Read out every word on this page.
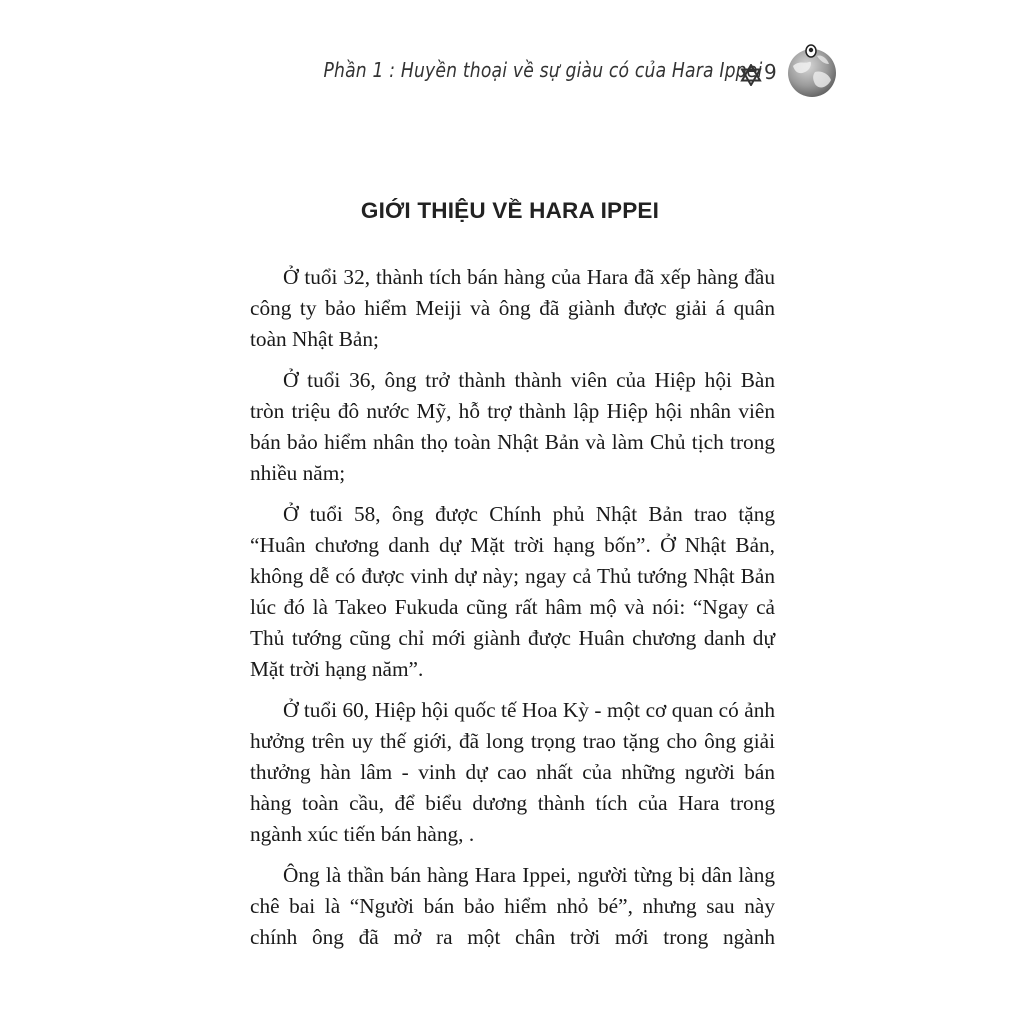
Phần 1 : Huyền thoại về sự giàu có của Hara Ippei 9
GIỚI THIỆU VỀ HARA IPPEI

Ở tuổi 32, thành tích bán hàng của Hara đã xếp hàng đầu công ty bảo hiểm Meiji và ông đã giành được giải á quân toàn Nhật Bản;

Ở tuổi 36, ông trở thành thành viên của Hiệp hội Bàn tròn triệu đô nước Mỹ, hỗ trợ thành lập Hiệp hội nhân viên bán bảo hiểm nhân thọ toàn Nhật Bản và làm Chủ tịch trong nhiều năm;

Ở tuổi 58, ông được Chính phủ Nhật Bản trao tặng “Huân chương danh dự Mặt trời hạng bốn”. Ở Nhật Bản, không dễ có được vinh dự này; ngay cả Thủ tướng Nhật Bản lúc đó là Takeo Fukuda cũng rất hâm mộ và nói: “Ngay cả Thủ tướng cũng chỉ mới giành được Huân chương danh dự Mặt trời hạng năm”.

Ở tuổi 60, Hiệp hội quốc tế Hoa Kỳ - một cơ quan có ảnh hưởng trên uy thế giới, đã long trọng trao tặng cho ông giải thưởng hàn lâm - vinh dự cao nhất của những người bán hàng toàn cầu, để biểu dương thành tích của Hara trong ngành xúc tiến bán hàng, .

Ông là thần bán hàng Hara Ippei, người từng bị dân làng chê bai là “Người bán bảo hiểm nhỏ bé”, nhưng sau này chính ông đã mở ra một chân trời mới trong ngành
